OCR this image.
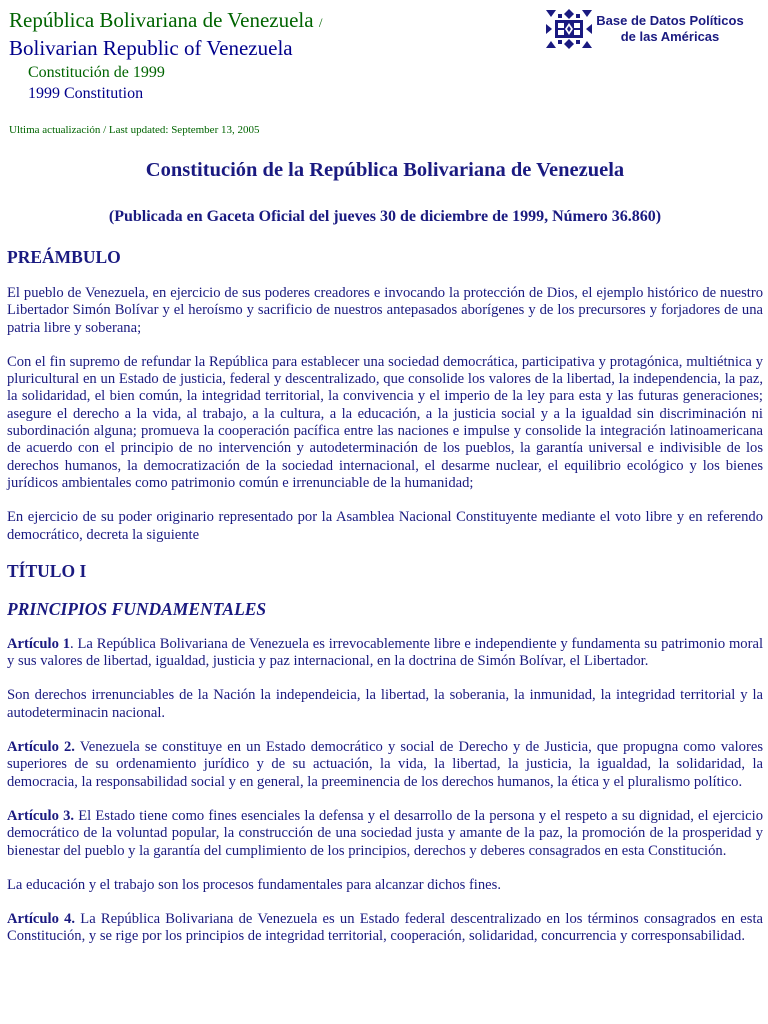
República Bolivariana de Venezuela /
Bolivarian Republic of Venezuela
Constitución de 1999
1999 Constitution
Base de Datos Políticos
de las Américas
Ultima actualización / Last updated: September 13, 2005
Constitución de la República Bolivariana de Venezuela
(Publicada en Gaceta Oficial del jueves 30 de diciembre de 1999, Número 36.860)
PREÁMBULO

El pueblo de Venezuela, en ejercicio de sus poderes creadores e invocando la protección de Dios, el ejemplo histórico de nuestro Libertador Simón Bolívar y el heroísmo y sacrificio de nuestros antepasados aborígenes y de los precursores y forjadores de una patria libre y soberana;

Con el fin supremo de refundar la República para establecer una sociedad democrática, participativa y protagónica, multiétnica y pluricultural en un Estado de justicia, federal y descentralizado, que consolide los valores de la libertad, la independencia, la paz, la solidaridad, el bien común, la integridad territorial, la convivencia y el imperio de la ley para esta y las futuras generaciones; asegure el derecho a la vida, al trabajo, a la cultura, a la educación, a la justicia social y a la igualdad sin discriminación ni subordinación alguna; promueva la cooperación pacífica entre las naciones e impulse y consolide la integración latinoamericana de acuerdo con el principio de no intervención y autodeterminación de los pueblos, la garantía universal e indivisible de los derechos humanos, la democratización de la sociedad internacional, el desarme nuclear, el equilibrio ecológico y los bienes jurídicos ambientales como patrimonio común e irrenunciable de la humanidad;

En ejercicio de su poder originario representado por la Asamblea Nacional Constituyente mediante el voto libre y en referendo democrático, decreta la siguiente

TÍTULO I
PRINCIPIOS FUNDAMENTALES

Artículo 1. La República Bolivariana de Venezuela es irrevocablemente libre e independiente y fundamenta su patrimonio moral y sus valores de libertad, igualdad, justicia y paz internacional, en la doctrina de Simón Bolívar, el Libertador.

Son derechos irrenunciables de la Nación la independeicia, la libertad, la soberania, la inmunidad, la integridad territorial y la autodeterminacin nacional.

Artículo 2. Venezuela se constituye en un Estado democrático y social de Derecho y de Justicia, que propugna como valores superiores de su ordenamiento jurídico y de su actuación, la vida, la libertad, la justicia, la igualdad, la solidaridad, la democracia, la responsabilidad social y en general, la preeminencia de los derechos humanos, la ética y el pluralismo político.

Artículo 3. El Estado tiene como fines esenciales la defensa y el desarrollo de la persona y el respeto a su dignidad, el ejercicio democrático de la voluntad popular, la construcción de una sociedad justa y amante de la paz, la promoción de la prosperidad y bienestar del pueblo y la garantía del cumplimiento de los principios, derechos y deberes consagrados en esta Constitución.

La educación y el trabajo son los procesos fundamentales para alcanzar dichos fines.

Artículo 4. La República Bolivariana de Venezuela es un Estado federal descentralizado en los términos consagrados en esta Constitución, y se rige por los principios de integridad territorial, cooperación, solidaridad, concurrencia y corresponsabilidad.
